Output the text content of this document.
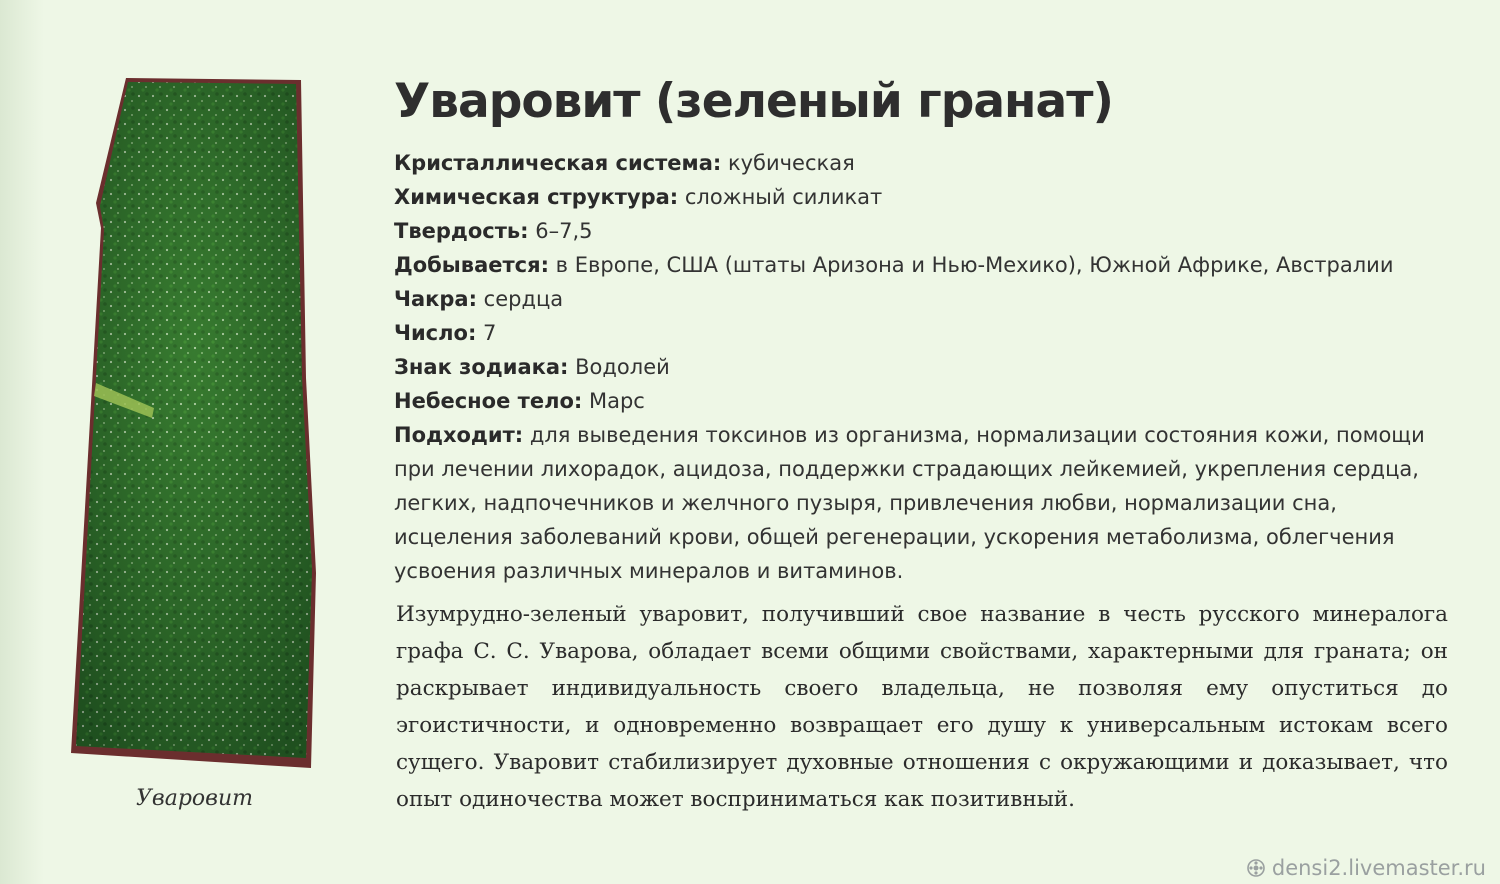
Уваровит
Уваровит (зеленый гранат)
Кристаллическая система: кубическая
Химическая структура: сложный силикат
Твердость: 6–7,5
Добывается: в Европе, США (штаты Аризона и Нью-Мехико), Южной Африке, Австралии
Чакра: сердца
Число: 7
Знак зодиака: Водолей
Небесное тело: Марс
Подходит: для выведения токсинов из организма, нормализации состояния кожи, помощи при лечении лихорадок, ацидоза, поддержки страдающих лейкемией, укрепления сердца, легких, надпочечников и желчного пузыря, привлечения любви, нормализации сна, исцеления заболеваний крови, общей регенерации, ускорения метаболизма, облегчения усвоения различных минералов и витаминов.

Изумрудно-зеленый уваровит, получивший свое название в честь русского минералога графа С. С. Уварова, обладает всеми общими свойствами, характерными для граната; он раскрывает индивидуальность своего владельца, не позволяя ему опуститься до эгоистичности, и одновременно возвращает его душу к универсальным истокам всего сущего. Уваровит стабилизирует духовные отношения с окружающими и доказывает, что опыт одиночества может восприниматься как позитивный.

densi2.livemaster.ru
